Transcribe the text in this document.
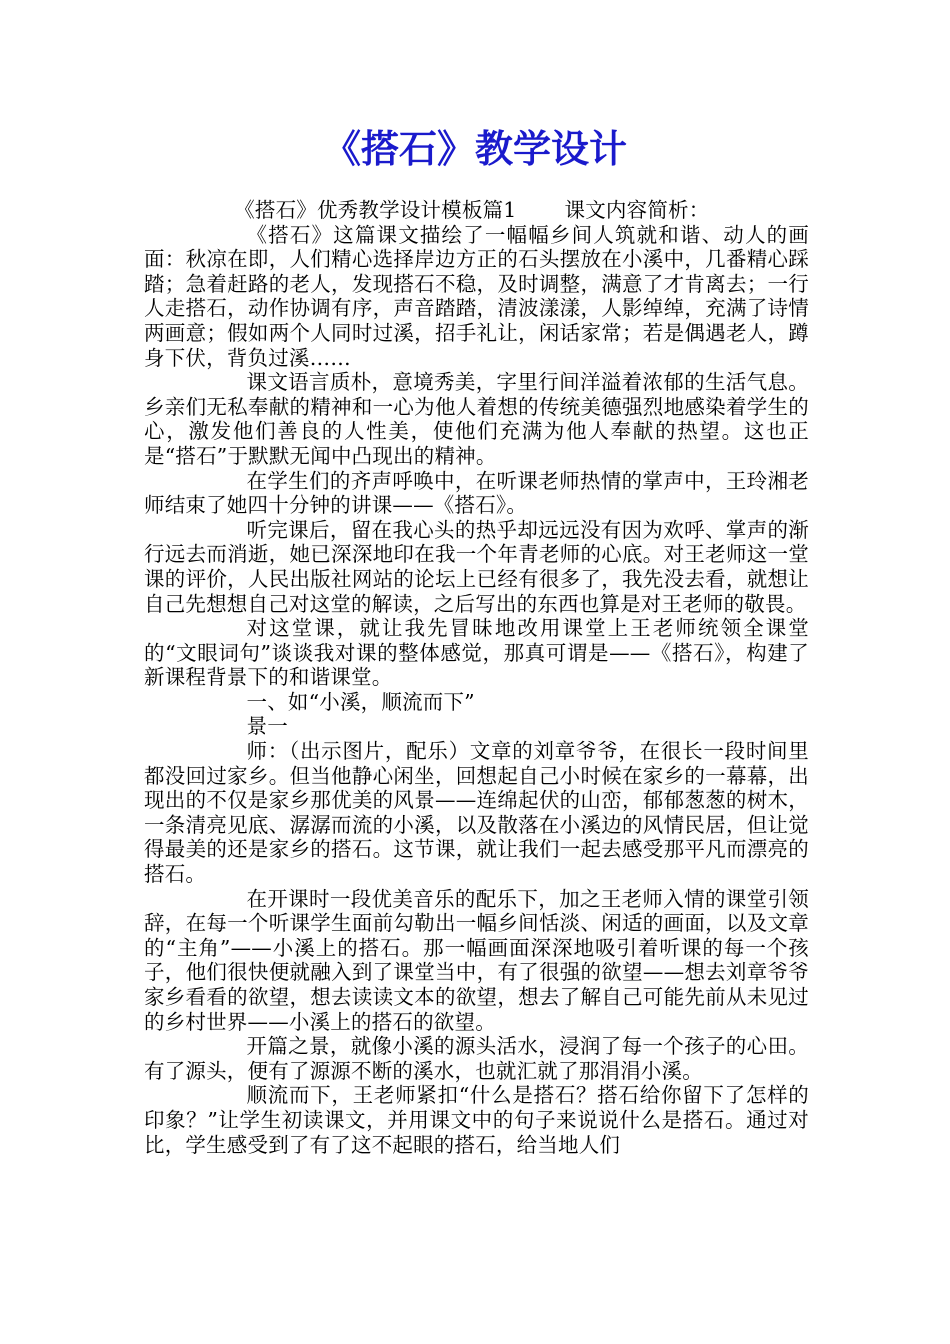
《搭石》教学设计

《搭石》优秀教学设计模板篇1 课文内容简析：

《搭石》这篇课文描绘了一幅幅乡间人筑就和谐、动人的画面：秋凉在即，人们精心选择岸边方正的石头摆放在小溪中，几番精心踩踏；急着赶路的老人，发现搭石不稳，及时调整，满意了才肯离去；一行人走搭石，动作协调有序，声音踏踏，清波漾漾，人影绰绰，充满了诗情两画意；假如两个人同时过溪，招手礼让，闲话家常；若是偶遇老人，蹲身下伏，背负过溪……

课文语言质朴，意境秀美，字里行间洋溢着浓郁的生活气息。乡亲们无私奉献的精神和一心为他人着想的传统美德强烈地感染着学生的心，激发他们善良的人性美，使他们充满为他人奉献的热望。这也正是“搭石”于默默无闻中凸现出的精神。

在学生们的齐声呼唤中，在听课老师热情的掌声中，王玲湘老师结束了她四十分钟的讲课——《搭石》。

听完课后，留在我心头的热乎却远远没有因为欢呼、掌声的渐行远去而消逝，她已深深地印在我一个年青老师的心底。对王老师这一堂课的评价，人民出版社网站的论坛上已经有很多了，我先没去看，就想让自己先想想自己对这堂的解读，之后写出的东西也算是对王老师的敬畏。

对这堂课，就让我先冒昧地改用课堂上王老师统领全课堂的“文眼词句”谈谈我对课的整体感觉，那真可谓是——《搭石》，构建了新课程背景下的和谐课堂。

一、如“小溪，顺流而下”

景一

师：（出示图片，配乐）文章的刘章爷爷，在很长一段时间里都没回过家乡。但当他静心闲坐，回想起自己小时候在家乡的一幕幕，出现出的不仅是家乡那优美的风景——连绵起伏的山峦，郁郁葱葱的树木，一条清亮见底、潺潺而流的小溪，以及散落在小溪边的风情民居，但让觉得最美的还是家乡的搭石。这节课，就让我们一起去感受那平凡而漂亮的搭石。

在开课时一段优美音乐的配乐下，加之王老师入情的课堂引领辞，在每一个听课学生面前勾勒出一幅乡间恬淡、闲适的画面，以及文章的“主角”——小溪上的搭石。那一幅画面深深地吸引着听课的每一个孩子，他们很快便就融入到了课堂当中，有了很强的欲望——想去刘章爷爷家乡看看的欲望，想去读读文本的欲望，想去了解自己可能先前从未见过的乡村世界——小溪上的搭石的欲望。

开篇之景，就像小溪的源头活水，浸润了每一个孩子的心田。有了源头，便有了源源不断的溪水，也就汇就了那涓涓小溪。

顺流而下，王老师紧扣“什么是搭石？搭石给你留下了怎样的印象？”让学生初读课文，并用课文中的句子来说说什么是搭石。通过对比，学生感受到了有了这不起眼的搭石，给当地人们
